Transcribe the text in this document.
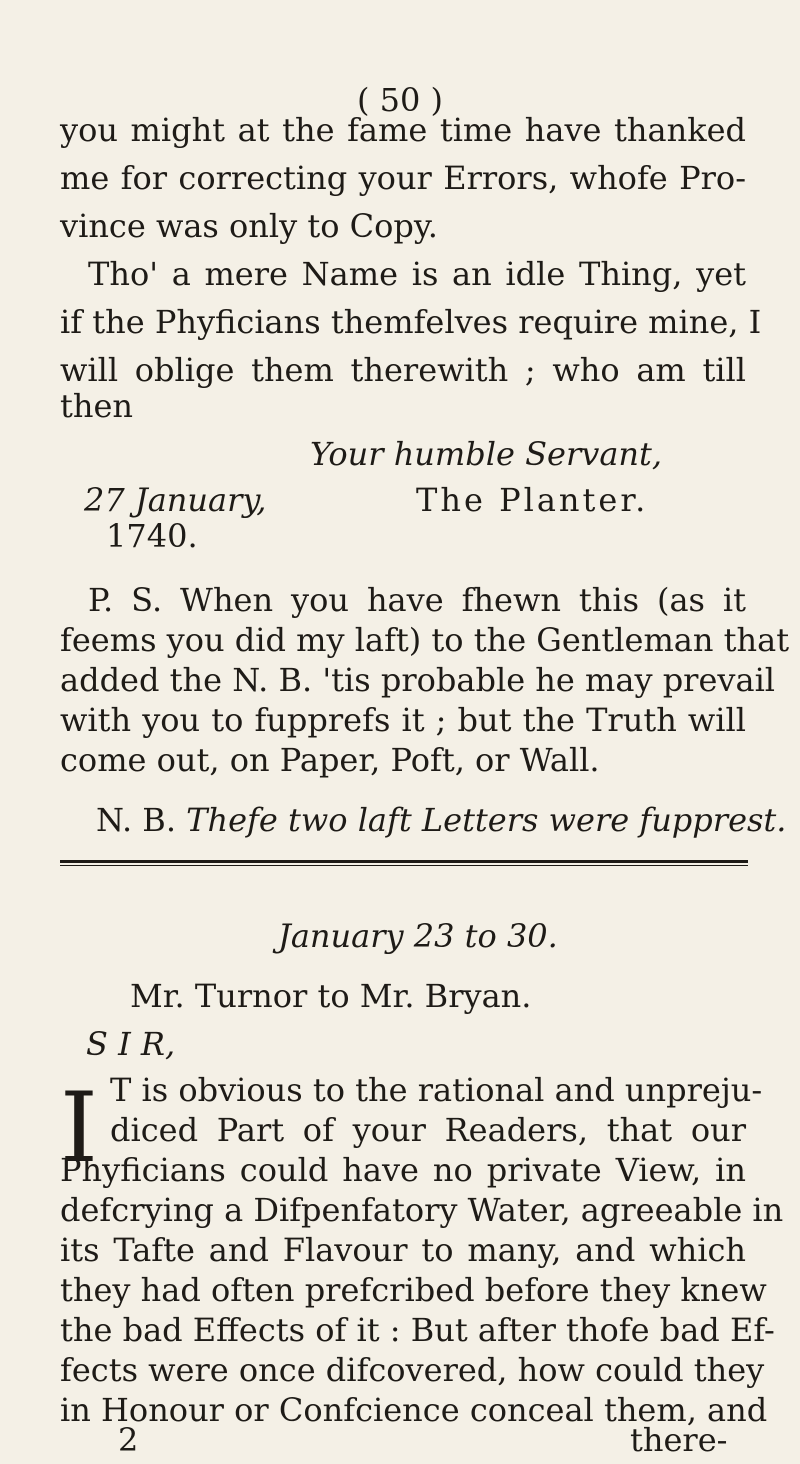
( 50 )
you might at the fame time have thanked
me for correcting your Errors, whofe Pro-
vince was only to Copy.
Tho' a mere Name is an idle Thing, yet
if the Phyficians themfelves require mine, I
will oblige them therewith ; who am till
then
Your humble Servant,
27 January,	The Planter.
1740.
P. S. When you have fhewn this (as it
feems you did my laft) to the Gentleman that
added the N. B. 'tis probable he may prevail
with you to fupprefs it ; but the Truth will
come out, on Paper, Poft, or Wall.
N. B. Thefe two laft Letters were fupprest.
January 23 to 30.
Mr. Turnor to Mr. Bryan.
S I R,
I T is obvious to the rational and unpreju-
diced Part of your Readers, that our
Phyficians could have no private View, in
defcrying a Difpenfatory Water, agreeable in
its Tafte and Flavour to many, and which
they had often prefcribed before they knew
the bad Effects of it : But after thofe bad Ef-
fects were once difcovered, how could they
in Honour or Confcience conceal them, and
2	there-
